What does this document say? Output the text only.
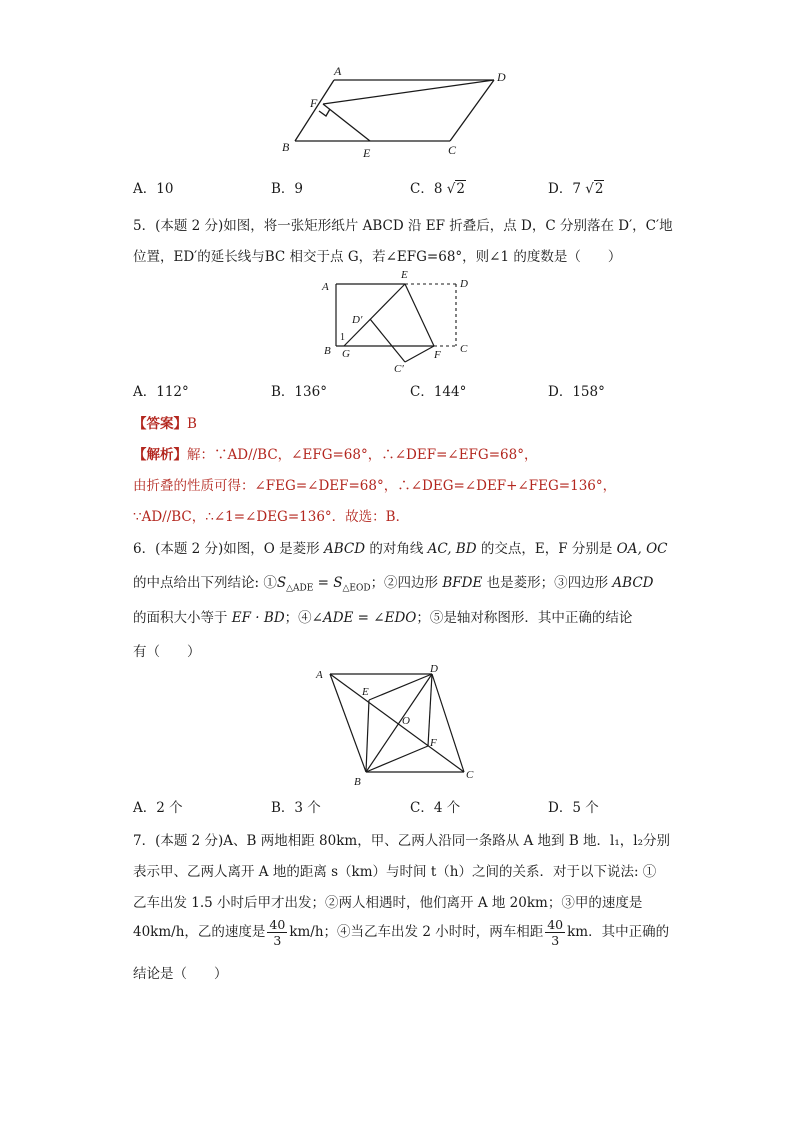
A	D
F
B	E	C
A．10	B．9	C．8 √2	D．7 √2
5．(本题 2 分)如图，将一张矩形纸片 ABCD 沿 EF 折叠后，点 D，C 分别落在 D′，C′地
位置，ED′的延长线与BC 相交于点 G，若∠EFG=68°，则∠1 的度数是（　　）
A
E
D
D′
1
B G
C′
F C
A．112°	B．136°	C．144°	D．158°
【答案】B
【解析】解：∵AD//BC，∠EFG=68°，∴∠DEF=∠EFG=68°，
由折叠的性质可得：∠FEG=∠DEF=68°，∴∠DEG=∠DEF+∠FEG=136°，
∵AD//BC，∴∠1=∠DEG=136°．故选：B．
6．(本题 2 分)如图，O 是菱形 ABCD 的对角线 AC, BD 的交点，E，F 分别是 OA, OC
的中点给出下列结论: $①S_{\triangle ADE} = S_{\triangle EOD}$；②四边形 BFDE 也是菱形；③四边形 ABCD
的面积大小等于 EF · BD；④∠ADE = ∠EDO；⑤是轴对称图形．其中正确的结论
有（　　）
A	D
E
O
F
B
C
A．2 个	B．3 个	C．4 个	D．5 个
7．(本题 2 分)A、B 两地相距 80km，甲、乙两人沿同一条路从 A 地到 B 地．l₁，l₂分别
表示甲、乙两人离开 A 地的距离 s（km）与时间 t（h）之间的关系．对于以下说法: ①
乙车出发 1.5 小时后甲才出发；②两人相遇时，他们离开 A 地 20km；③甲的速度是
40km/h，乙的速度是 $\frac{40}{3} km/h$；④当乙车出发 2 小时时，两车相距 $\frac{40}{3}$ km．其中正确的
结论是（　　）
